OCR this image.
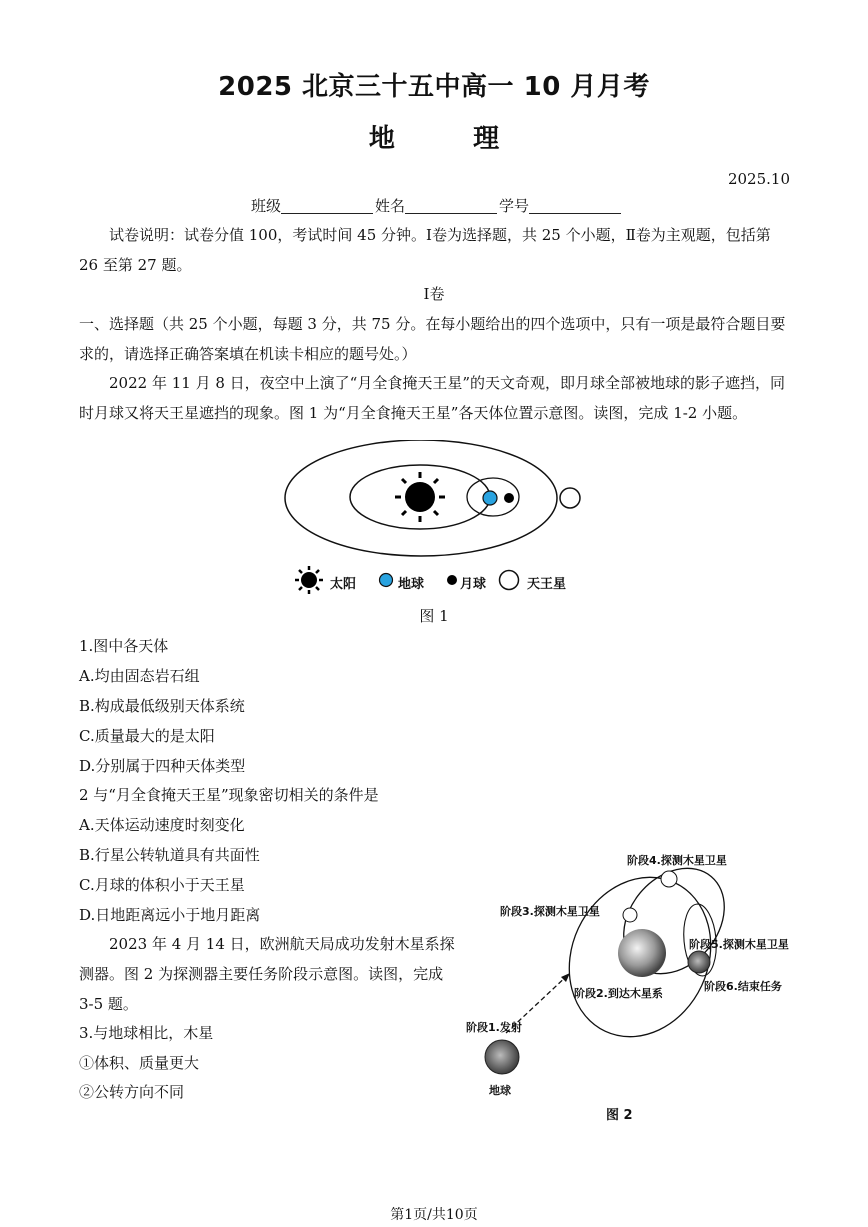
2025 北京三十五中高一 10 月月考
地	理
2025.10
班级	姓名	学号
试卷说明：试卷分值 100，考试时间 45 分钟。Ⅰ卷为选择题，共 25 个小题，Ⅱ卷为主观题，包括第
26 至第 27 题。
Ⅰ卷
一、选择题（共 25 个小题，每题 3 分，共 75 分。在每小题给出的四个选项中，只有一项是最符合题目要
求的，请选择正确答案填在机读卡相应的题号处。）
2022 年 11 月 8 日，夜空中上演了“月全食掩天王星”的天文奇观，即月球全部被地球的影子遮挡，同
时月球又将天王星遮挡的现象。图 1 为“月全食掩天王星”各天体位置示意图。读图，完成 1-2 小题。
太阳	地球	月球	天王星
图 1
1.图中各天体
A.均由固态岩石组
B.构成最低级别天体系统
C.质量最大的是太阳
D.分别属于四种天体类型
2 与“月全食掩天王星”现象密切相关的条件是
A.天体运动速度时刻变化
B.行星公转轨道具有共面性
C.月球的体积小于天王星
D.日地距离远小于地月距离
2023 年 4 月 14 日，欧洲航天局成功发射木星系探
测器。图 2 为探测器主要任务阶段示意图。读图，完成
3-5 题。
3.与地球相比，木星
①体积、质量更大
②公转方向不同
阶段4.探测木星卫星
阶段3.探测木星卫星
阶段5.探测木星卫星
阶段6.结束任务
阶段2.到达木星系
阶段1.发射
地球
图 2
第1页/共10页
